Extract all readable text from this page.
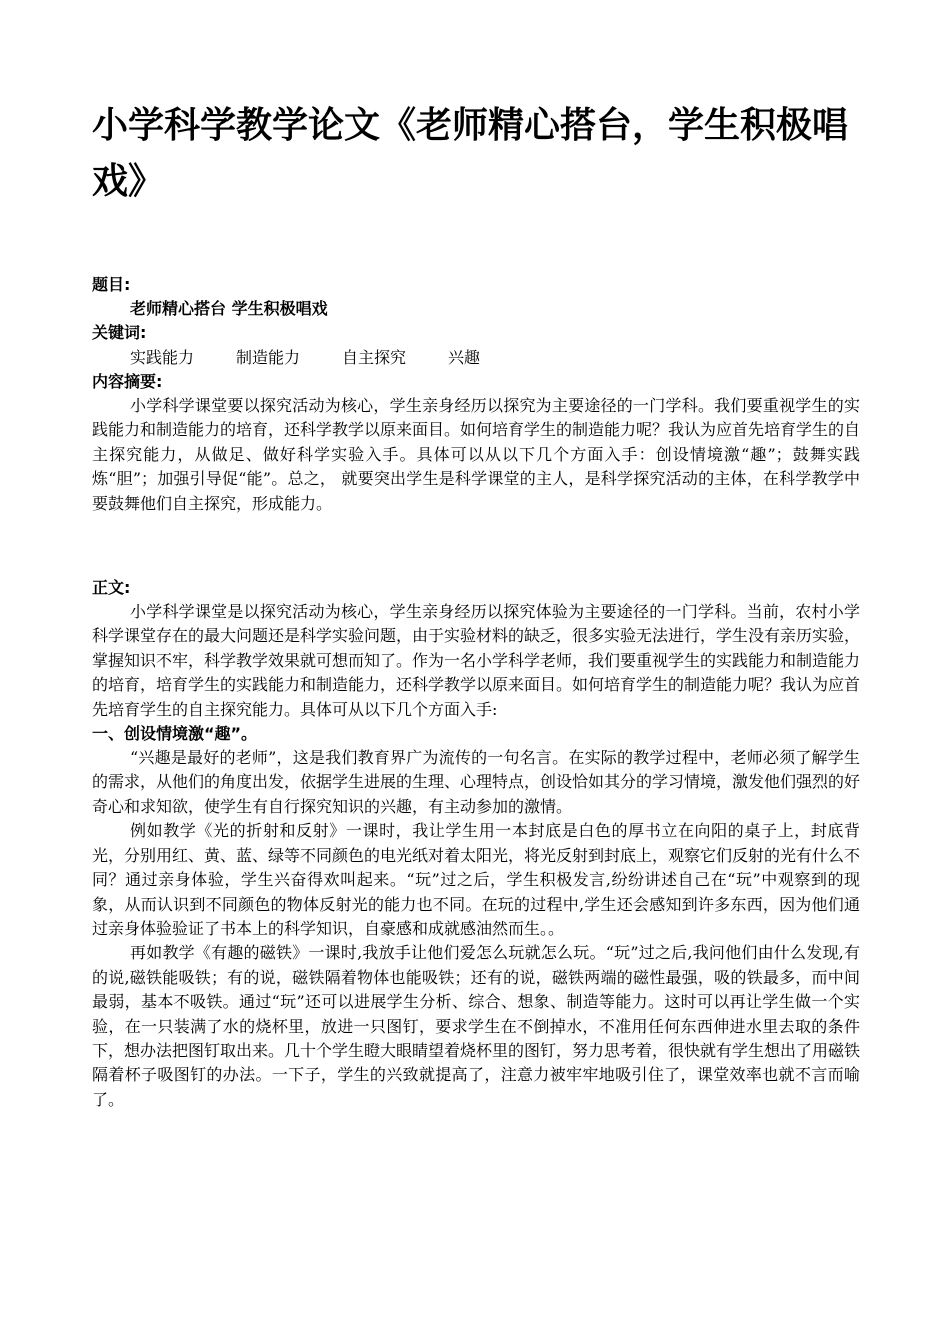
小学科学教学论文《老师精心搭台，学生积极唱戏》
题目:
老师精心搭台 学生积极唱戏
关键词:
实践能力	制造能力	自主探究	兴趣
内容摘要:

小学科学课堂要以探究活动为核心，学生亲身经历以探究为主要途径的一门学科。我们要重视学生的实践能力和制造能力的培育，还科学教学以原来面目。如何培育学生的制造能力呢？我认为应首先培育学生的自主探究能力，从做足、做好科学实验入手。具体可以从以下几个方面入手：创设情境激“趣”；鼓舞实践炼“胆”；加强引导促“能”。总之， 就要突出学生是科学课堂的主人，是科学探究活动的主体，在科学教学中要鼓舞他们自主探究，形成能力。

正文:

小学科学课堂是以探究活动为核心，学生亲身经历以探究体验为主要途径的一门学科。当前，农村小学科学课堂存在的最大问题还是科学实验问题，由于实验材料的缺乏，很多实验无法进行，学生没有亲历实验，掌握知识不牢，科学教学效果就可想而知了。作为一名小学科学老师，我们要重视学生的实践能力和制造能力的培育，培育学生的实践能力和制造能力，还科学教学以原来面目。如何培育学生的制造能力呢？我认为应首先培育学生的自主探究能力。具体可从以下几个方面入手:

一、创设情境激“趣”。

“兴趣是最好的老师”，这是我们教育界广为流传的一句名言。在实际的教学过程中，老师必须了解学生的需求，从他们的角度出发，依据学生进展的生理、心理特点，创设恰如其分的学习情境，激发他们强烈的好奇心和求知欲，使学生有自行探究知识的兴趣，有主动参加的激情。

例如教学《光的折射和反射》一课时，我让学生用一本封底是白色的厚书立在向阳的桌子上，封底背光，分别用红、黄、蓝、绿等不同颜色的电光纸对着太阳光，将光反射到封底上，观察它们反射的光有什么不同？通过亲身体验，学生兴奋得欢叫起来。“玩”过之后，学生积极发言,纷纷讲述自己在“玩”中观察到的现象，从而认识到不同颜色的物体反射光的能力也不同。在玩的过程中,学生还会感知到许多东西，因为他们通过亲身体验验证了书本上的科学知识，自豪感和成就感油然而生。。

再如教学《有趣的磁铁》一课时,我放手让他们爱怎么玩就怎么玩。“玩”过之后,我问他们由什么发现,有的说,磁铁能吸铁；有的说，磁铁隔着物体也能吸铁；还有的说，磁铁两端的磁性最强，吸的铁最多，而中间最弱，基本不吸铁。通过“玩”还可以进展学生分析、综合、想象、制造等能力。这时可以再让学生做一个实验，在一只装满了水的烧杯里，放进一只图钉，要求学生在不倒掉水，不准用任何东西伸进水里去取的条件下，想办法把图钉取出来。几十个学生瞪大眼睛望着烧杯里的图钉，努力思考着，很快就有学生想出了用磁铁隔着杯子吸图钉的办法。一下子，学生的兴致就提高了，注意力被牢牢地吸引住了，课堂效率也就不言而喻了。
